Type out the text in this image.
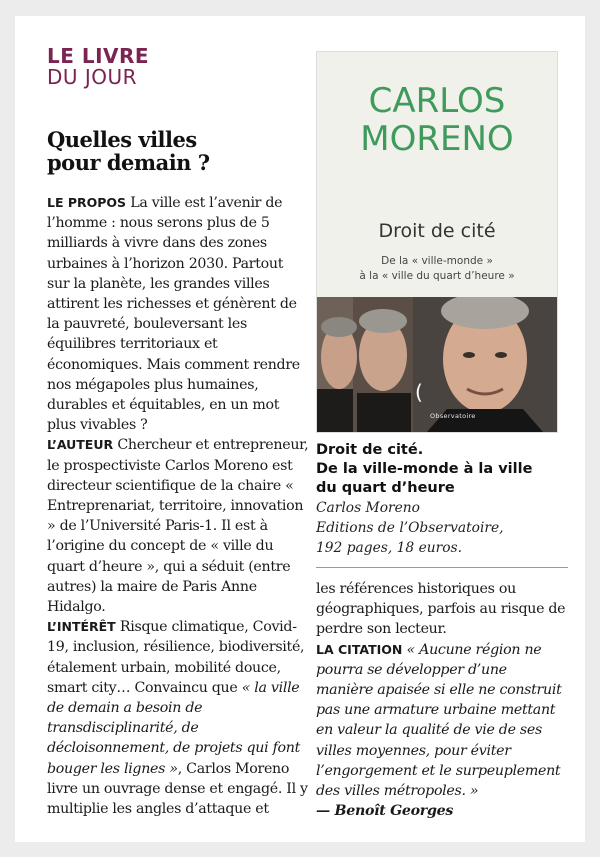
LE LIVRE
DU JOUR
Quelles villes
pour demain ?

LE PROPOS La ville est l’avenir de l’homme : nous serons plus de 5 milliards à vivre dans des zones urbaines à l’horizon 2030. Partout sur la planète, les grandes villes attirent les richesses et génèrent de la pauvreté, bouleversant les équilibres territoriaux et économiques. Mais comment rendre nos mégapoles plus humaines, durables et équitables, en un mot plus vivables ?

L’AUTEUR Chercheur et entrepreneur, le prospectiviste Carlos Moreno est directeur scientifique de la chaire « Entreprenariat, territoire, innovation » de l’Université Paris-1. Il est à l’origine du concept de « ville du quart d’heure », qui a séduit (entre autres) la maire de Paris Anne Hidalgo.

L’INTÉRÊT Risque climatique, Covid-19, inclusion, résilience, biodiversité, étalement urbain, mobilité douce, smart city… Convaincu que « la ville de demain a besoin de transdisciplinarité, de décloisonnement, de projets qui font bouger les lignes », Carlos Moreno livre un ouvrage dense et engagé. Il y multiplie les angles d’attaque et

CARLOS
MORENO
Droit de cité
De la « ville-monde »
à la « ville du quart d’heure »
(
Observatoire
Droit de cité.
De la ville-monde à la ville
du quart d’heure
Carlos Moreno
Editions de l’Observatoire,
192 pages, 18 euros.

les références historiques ou géographiques, parfois au risque de perdre son lecteur.

LA CITATION « Aucune région ne pourra se développer d’une manière apaisée si elle ne construit pas une armature urbaine mettant en valeur la qualité de vie de ses villes moyennes, pour éviter l’engorgement et le surpeuplement des villes métropoles. »

— Benoît Georges
